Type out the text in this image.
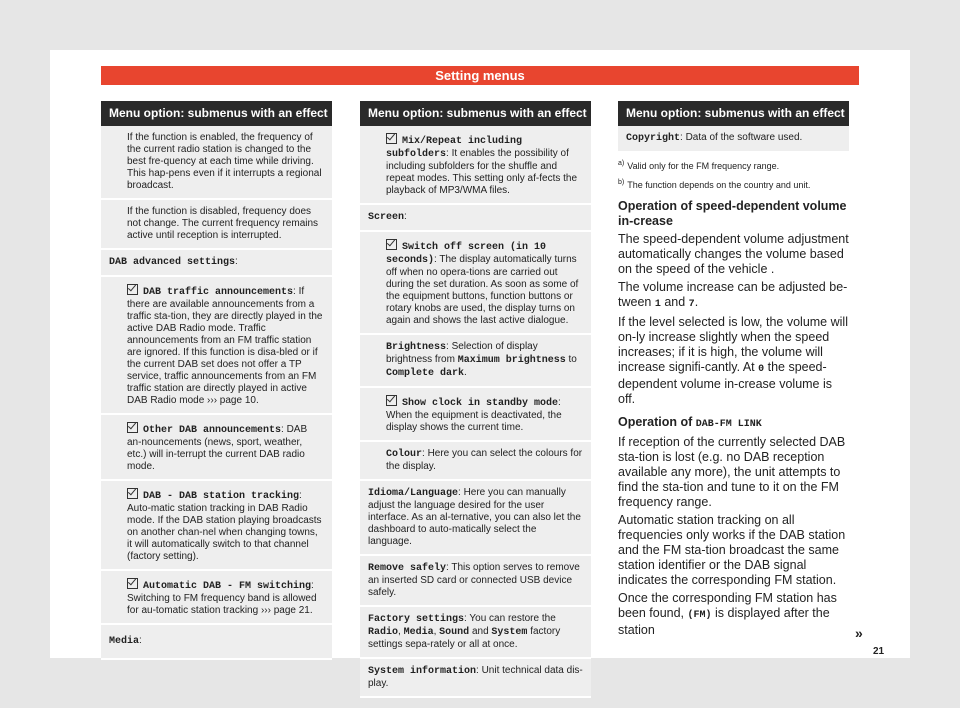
Setting menus
Menu option: submenus with an effect
If the function is enabled, the frequency of the current radio station is changed to the best fre-quency at each time while driving. This hap-pens even if it interrupts a regional broadcast.
If the function is disabled, frequency does not change. The current frequency remains active until reception is interrupted.
DAB advanced settings:
DAB traffic announcements: If there are available announcements from a traffic sta-tion, they are directly played in the active DAB Radio mode. Traffic announcements from an FM traffic station are ignored. If this function is disa-bled or if the current DAB set does not offer a TP service, traffic announcements from an FM traffic station are directly played in active DAB Radio mode ››› page 10.
Other DAB announcements: DAB an-nouncements (news, sport, weather, etc.) will in-terrupt the current DAB radio mode.
DAB - DAB station tracking: Auto-matic station tracking in DAB Radio mode. If the DAB station playing broadcasts on another chan-nel when changing towns, it will automatically switch to that channel (factory setting).
Automatic DAB - FM switching: Switching to FM frequency band is allowed for au-tomatic station tracking ››› page 21.
Media:
Menu option: submenus with an effect
Mix/Repeat including subfolders: It enables the possibility of including subfolders for the shuffle and repeat modes. This setting only af-fects the playback of MP3/WMA files.
Screen:
Switch off screen (in 10 seconds): The display automatically turns off when no opera-tions are carried out during the set duration. As soon as some of the equipment buttons, function buttons or rotary knobs are used, the display turns on again and shows the last active dialogue.
Brightness: Selection of display brightness from Maximum brightness to Complete dark.
Show clock in standby mode: When the equipment is deactivated, the display shows the current time.
Colour: Here you can select the colours for the display.
Idioma/Language: Here you can manually adjust the language desired for the user interface. As an al-ternative, you can also let the dashboard to auto-matically select the language.
Remove safely: This option serves to remove an inserted SD card or connected USB device safely.
Factory settings: You can restore the Radio, Media, Sound and System factory settings sepa-rately or all at once.
System information: Unit technical data dis-play.
Menu option: submenus with an effect
Copyright: Data of the software used.
$^{a)}$ Valid only for the FM frequency range.
$^{b)}$ The function depends on the country and unit.
Operation of speed-dependent volume in-crease
The speed-dependent volume adjustment automatically changes the volume based on the speed of the vehicle .
The volume increase can be adjusted be-tween 1 and 7.
If the level selected is low, the volume will on-ly increase slightly when the speed increases; if it is high, the volume will increase signifi-cantly. At 0 the speed-dependent volume in-crease volume is off.
Operation of DAB-FM LINK
If reception of the currently selected DAB sta-tion is lost (e.g. no DAB reception available any more), the unit attempts to find the sta-tion and tune to it on the FM frequency range.
Automatic station tracking on all frequencies only works if the DAB station and the FM sta-tion broadcast the same station identifier or the DAB signal indicates the corresponding FM station.
Once the corresponding FM station has been found, (FM) is displayed after the station	»
21
